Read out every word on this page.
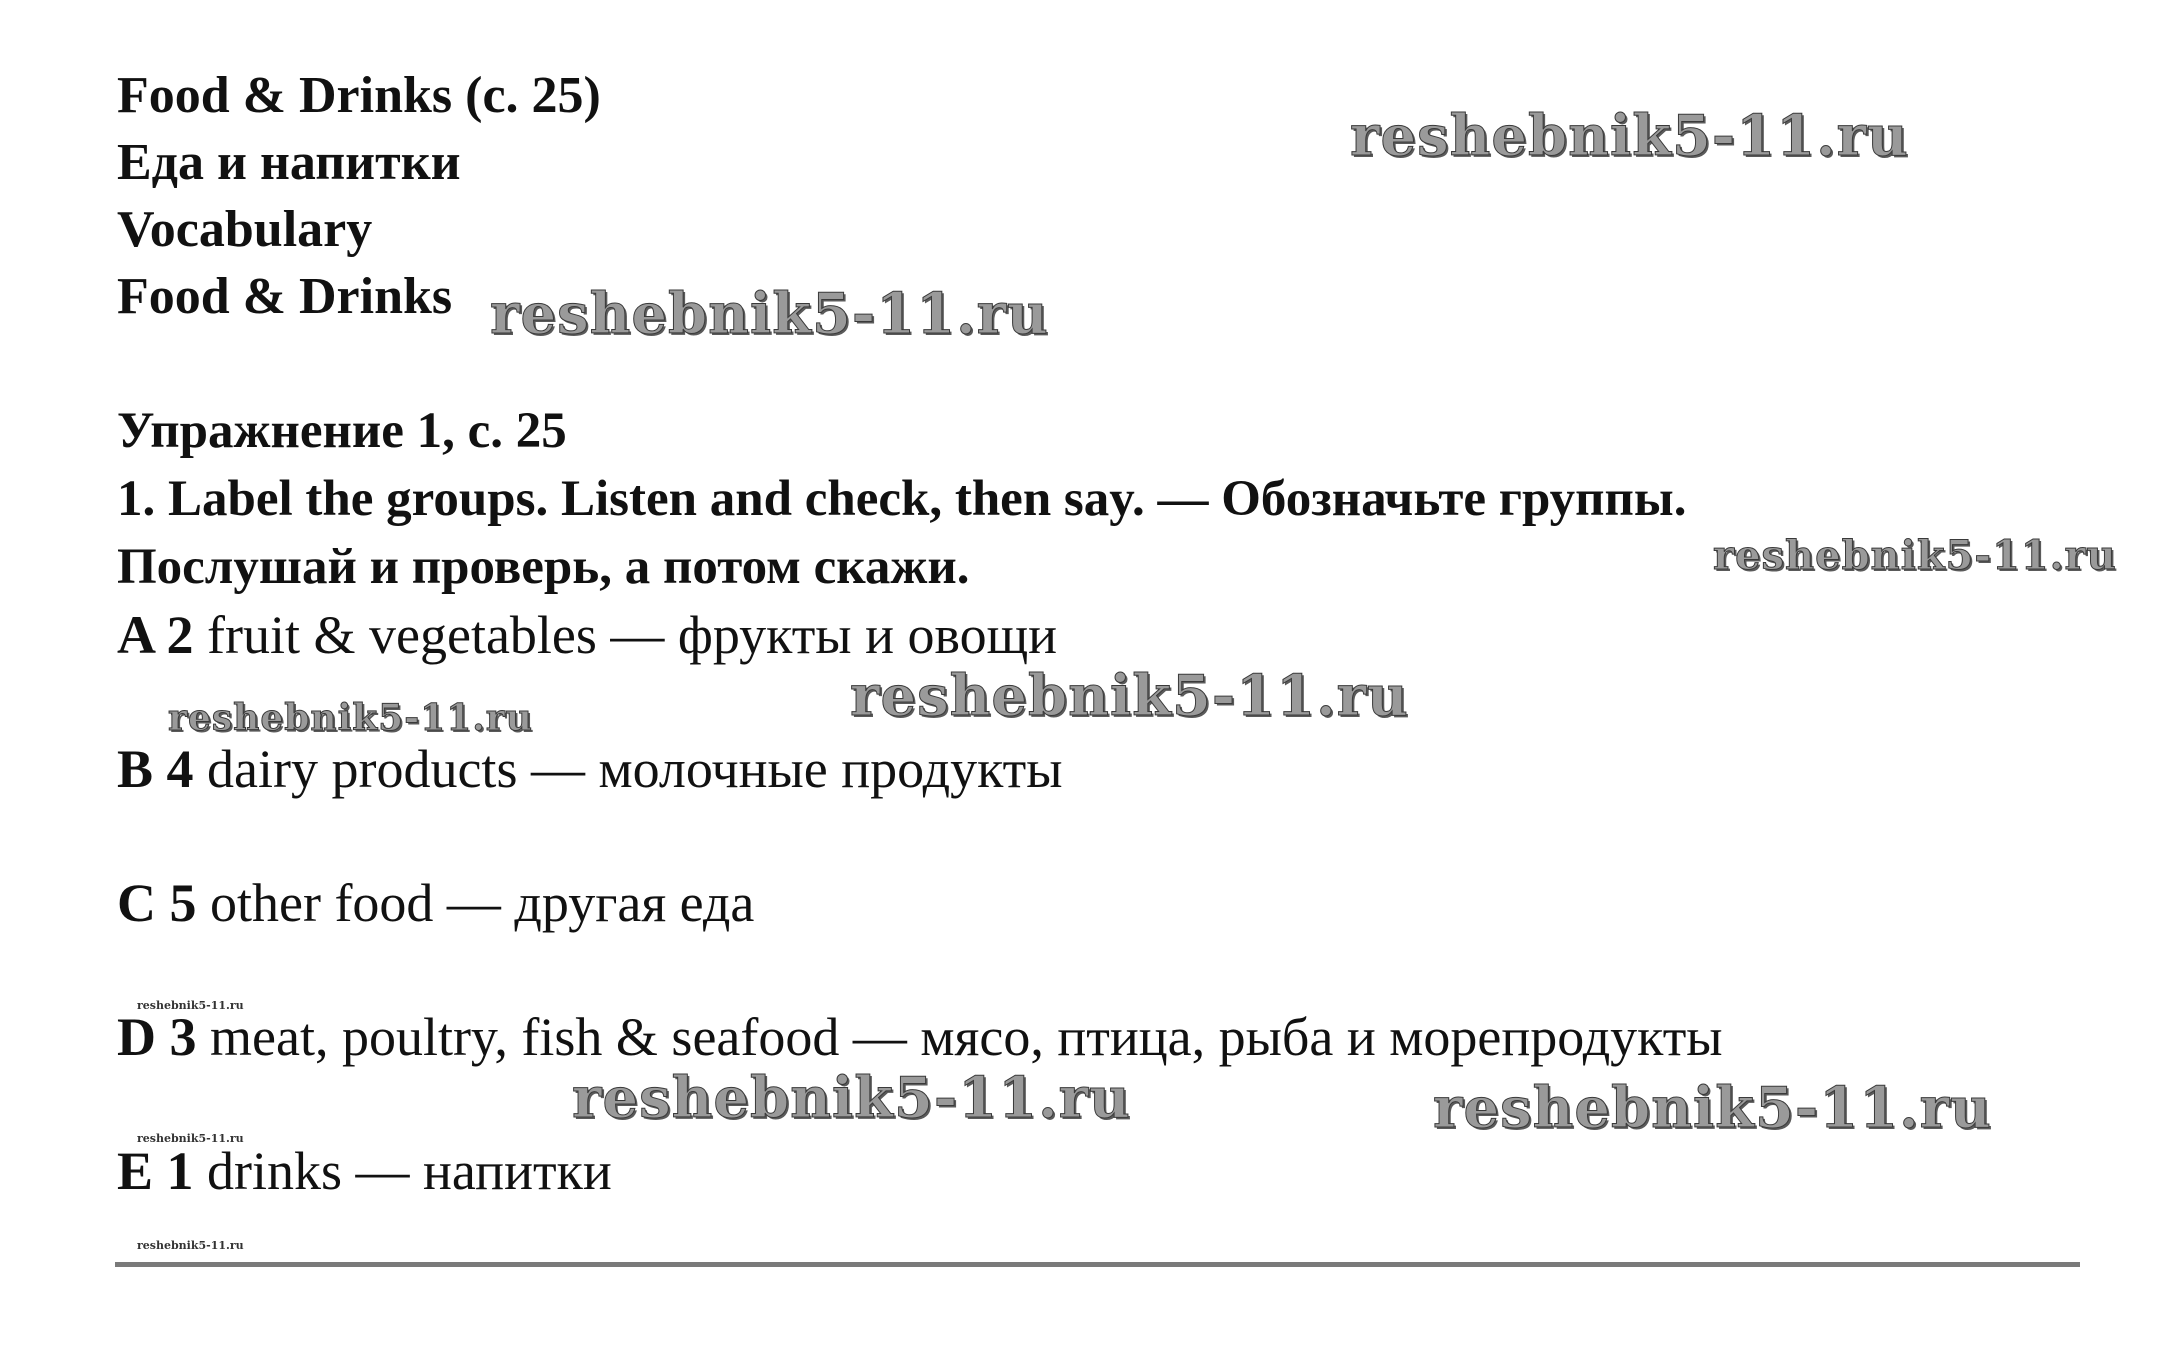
Food & Drinks (c. 25)
Еда и напитки
Vocabulary
Food & Drinks
Упражнение 1, с. 25
1. Label the groups. Listen and check, then say. — Обозначьте группы.
Послушай и проверь, а потом скажи.
A 2 fruit & vegetables — фрукты и овощи
B 4 dairy products — молочные продукты
C 5 other food — другая еда
D 3 meat, poultry, fish & seafood — мясо, птица, рыба и морепродукты
E 1 drinks — напитки
reshebnik5-11.ru
reshebnik5-11.ru
reshebnik5-11.ru
reshebnik5-11.ru
reshebnik5-11.ru
reshebnik5-11.ru
reshebnik5-11.ru	reshebnik5-11.ru
reshebnik5-11.ru
reshebnik5-11.ru
